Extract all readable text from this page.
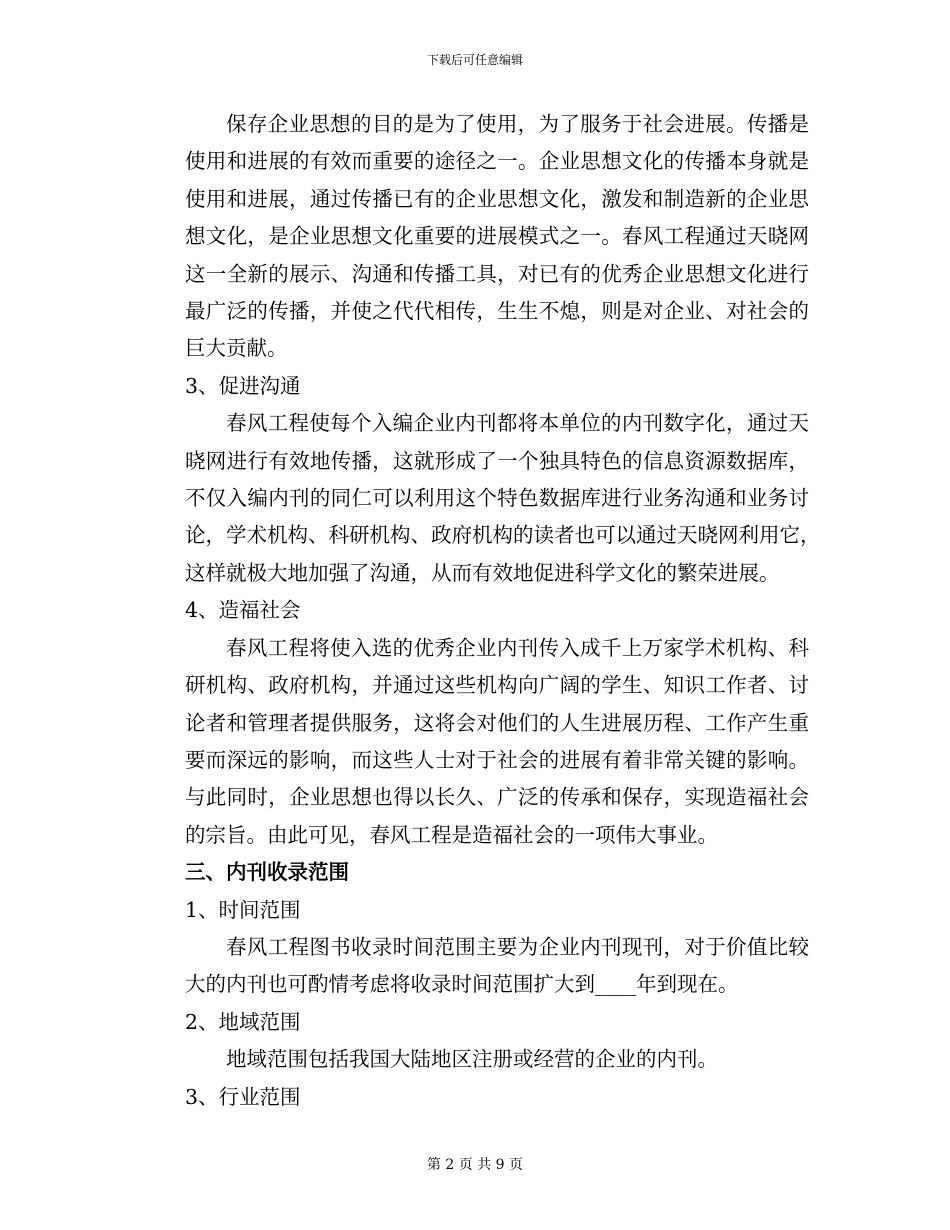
下载后可任意编辑
保存企业思想的目的是为了使用，为了服务于社会进展。传播是
使用和进展的有效而重要的途径之一。企业思想文化的传播本身就是
使用和进展，通过传播已有的企业思想文化，激发和制造新的企业思
想文化，是企业思想文化重要的进展模式之一。春风工程通过天晓网
这一全新的展示、沟通和传播工具，对已有的优秀企业思想文化进行
最广泛的传播，并使之代代相传，生生不熄，则是对企业、对社会的
巨大贡献。
3、促进沟通
春风工程使每个入编企业内刊都将本单位的内刊数字化，通过天
晓网进行有效地传播，这就形成了一个独具特色的信息资源数据库，
不仅入编内刊的同仁可以利用这个特色数据库进行业务沟通和业务讨
论，学术机构、科研机构、政府机构的读者也可以通过天晓网利用它，
这样就极大地加强了沟通，从而有效地促进科学文化的繁荣进展。
4、造福社会
春风工程将使入选的优秀企业内刊传入成千上万家学术机构、科
研机构、政府机构，并通过这些机构向广阔的学生、知识工作者、讨
论者和管理者提供服务，这将会对他们的人生进展历程、工作产生重
要而深远的影响，而这些人士对于社会的进展有着非常关键的影响。
与此同时，企业思想也得以长久、广泛的传承和保存，实现造福社会
的宗旨。由此可见，春风工程是造福社会的一项伟大事业。
三、内刊收录范围
1、时间范围
春风工程图书收录时间范围主要为企业内刊现刊，对于价值比较
大的内刊也可酌情考虑将收录时间范围扩大到____年到现在。
2、地域范围
地域范围包括我国大陆地区注册或经营的企业的内刊。
3、行业范围
第 2 页 共 9 页
